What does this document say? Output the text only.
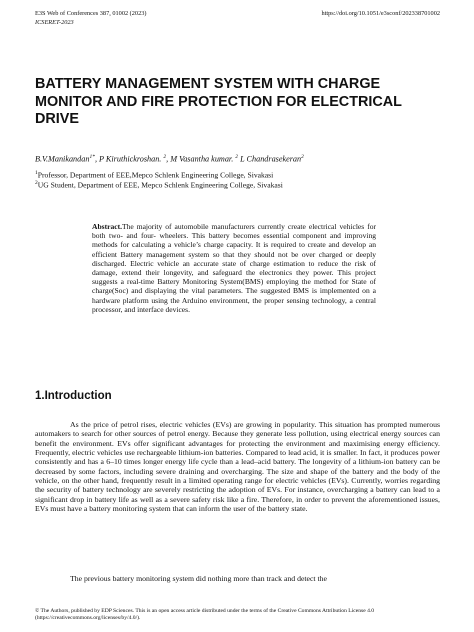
E3S Web of Conferences 387, 01002 (2023)
ICSERET-2023
https://doi.org/10.1051/e3sconf/202338701002
BATTERY MANAGEMENT SYSTEM WITH CHARGE MONITOR AND FIRE PROTECTION FOR ELECTRICAL DRIVE
B.V.Manikandan$^{1*}$, P Kiruthickroshan. $^2$, M Vasantha kumar. $^2$ L Chandrasekeran$^2$
$^1$Professor, Department of EEE,Mepco Schlenk Engineering College, Sivakasi
$^2$UG Student, Department of EEE, Mepco Schlenk Engineering College, Sivakasi
Abstract.The majority of automobile manufacturers currently create electrical vehicles for both two- and four- wheelers. This battery becomes essential component and improving methods for calculating a vehicle’s charge capacity. It is required to create and develop an efficient Battery management system so that they should not be over charged or deeply discharged. Electric vehicle an accurate state of charge estimation to reduce the risk of damage, extend their longevity, and safeguard the electronics they power. This project suggests a real-time Battery Monitoring System(BMS) employing the method for State of charge(Soc) and displaying the vital parameters. The suggested BMS is implemented on a hardware platform using the Arduino environment, the proper sensing technology, a central processor, and interface devices.
1.Introduction
As the price of petrol rises, electric vehicles (EVs) are growing in popularity. This situation has prompted numerous automakers to search for other sources of petrol energy. Because they generate less pollution, using electrical energy sources can benefit the environment. EVs offer significant advantages for protecting the environment and maximising energy efficiency. Frequently, electric vehicles use rechargeable lithium-ion batteries. Compared to lead acid, it is smaller. In fact, it produces power consistently and has a 6–10 times longer energy life cycle than a lead–acid battery. The longevity of a lithium-ion battery can be decreased by some factors, including severe draining and overcharging. The size and shape of the battery and the body of the vehicle, on the other hand, frequently result in a limited operating range for electric vehicles (EVs). Currently, worries regarding the security of battery technology are severely restricting the adoption of EVs. For instance, overcharging a battery can lead to a significant drop in battery life as well as a severe safety risk like a fire. Therefore, in order to prevent the aforementioned issues, EVs must have a battery monitoring system that can inform the user of the battery state.
The previous battery monitoring system did nothing more than track and detect the
© The Authors, published by EDP Sciences. This is an open access article distributed under the terms of the Creative Commons Attribution License 4.0 (https://creativecommons.org/licenses/by/4.0/).
